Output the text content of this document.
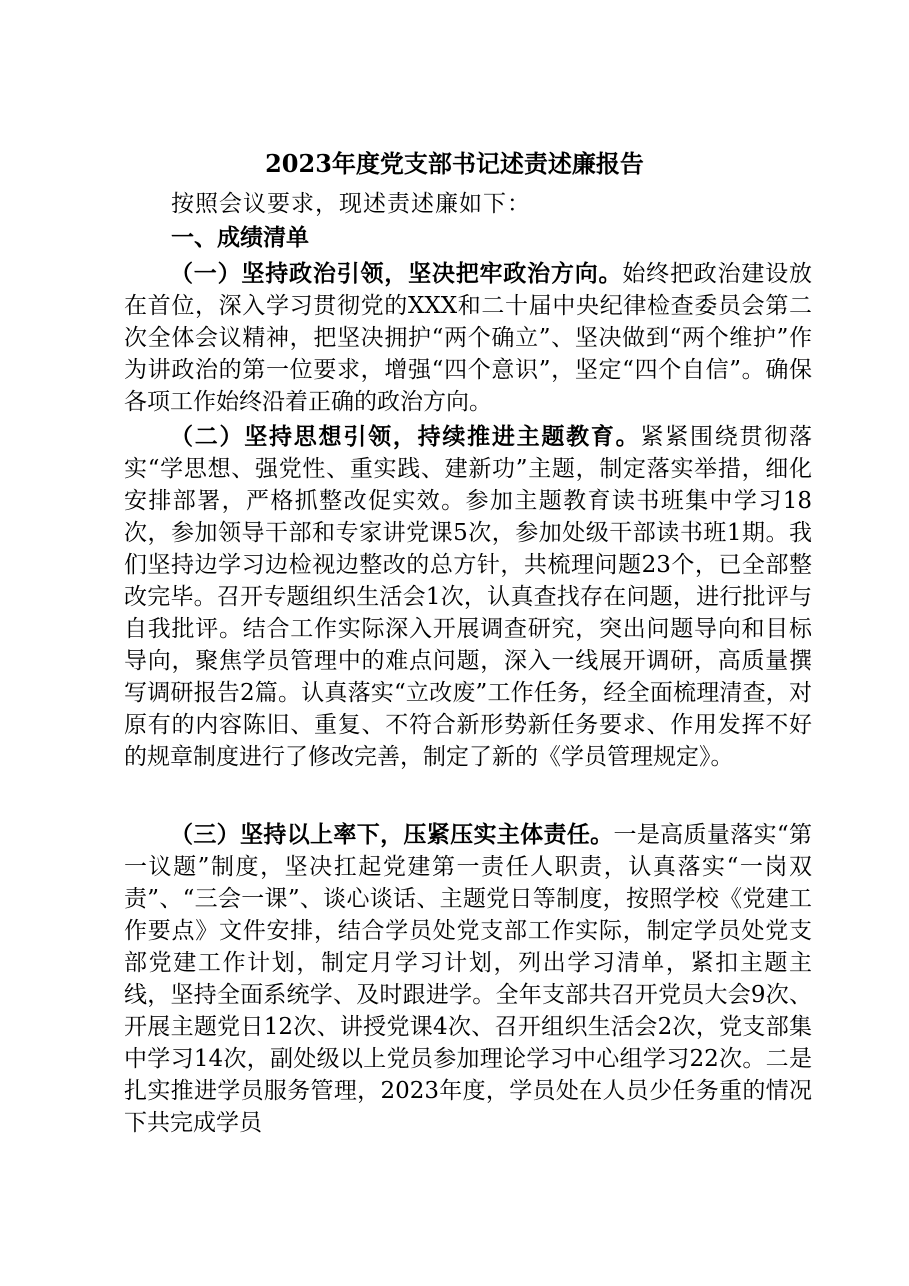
2023年度党支部书记述责述廉报告
按照会议要求，现述责述廉如下：
一、成绩清单

（一）坚持政治引领，坚决把牢政治方向。始终把政治建设放在首位，深入学习贯彻党的XXX和二十届中央纪律检查委员会第二次全体会议精神，把坚决拥护“两个确立”、坚决做到“两个维护”作为讲政治的第一位要求，增强“四个意识”，坚定“四个自信”。确保各项工作始终沿着正确的政治方向。

（二）坚持思想引领，持续推进主题教育。紧紧围绕贯彻落实“学思想、强党性、重实践、建新功”主题，制定落实举措，细化安排部署，严格抓整改促实效。参加主题教育读书班集中学习18次，参加领导干部和专家讲党课5次，参加处级干部读书班1期。我们坚持边学习边检视边整改的总方针，共梳理问题23个，已全部整改完毕。召开专题组织生活会1次，认真查找存在问题，进行批评与自我批评。结合工作实际深入开展调查研究，突出问题导向和目标导向，聚焦学员管理中的难点问题，深入一线展开调研，高质量撰写调研报告2篇。认真落实“立改废”工作任务，经全面梳理清查，对原有的内容陈旧、重复、不符合新形势新任务要求、作用发挥不好的规章制度进行了修改完善，制定了新的《学员管理规定》。

（三）坚持以上率下，压紧压实主体责任。一是高质量落实“第一议题”制度，坚决扛起党建第一责任人职责，认真落实“一岗双责”、“三会一课”、谈心谈话、主题党日等制度，按照学校《党建工作要点》文件安排，结合学员处党支部工作实际，制定学员处党支部党建工作计划，制定月学习计划，列出学习清单，紧扣主题主线，坚持全面系统学、及时跟进学。全年支部共召开党员大会9次、开展主题党日12次、讲授党课4次、召开组织生活会2次，党支部集中学习14次，副处级以上党员参加理论学习中心组学习22次。二是扎实推进学员服务管理，2023年度，学员处在人员少任务重的情况下共完成学员
